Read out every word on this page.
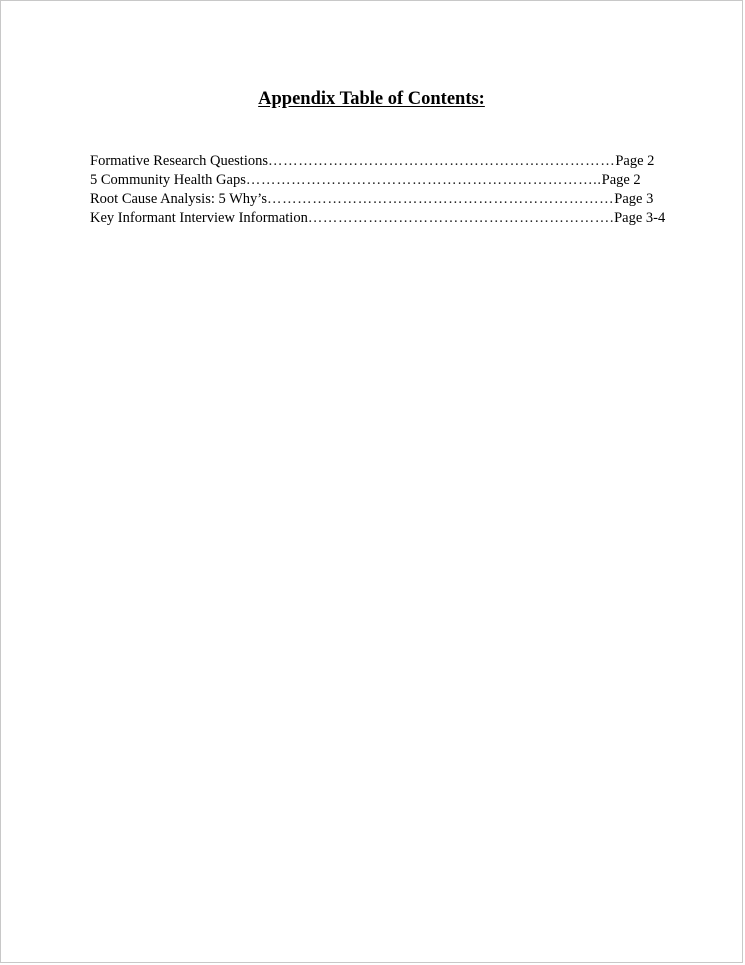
Appendix Table of Contents:
Formative Research Questions……………………………………………………………Page 2
5 Community Health Gaps……………………………………………………………..Page 2
Root Cause Analysis: 5 Why’s……………………………………………………………Page 3
Key Informant Interview Information…………………………………………………….Page 3-4
